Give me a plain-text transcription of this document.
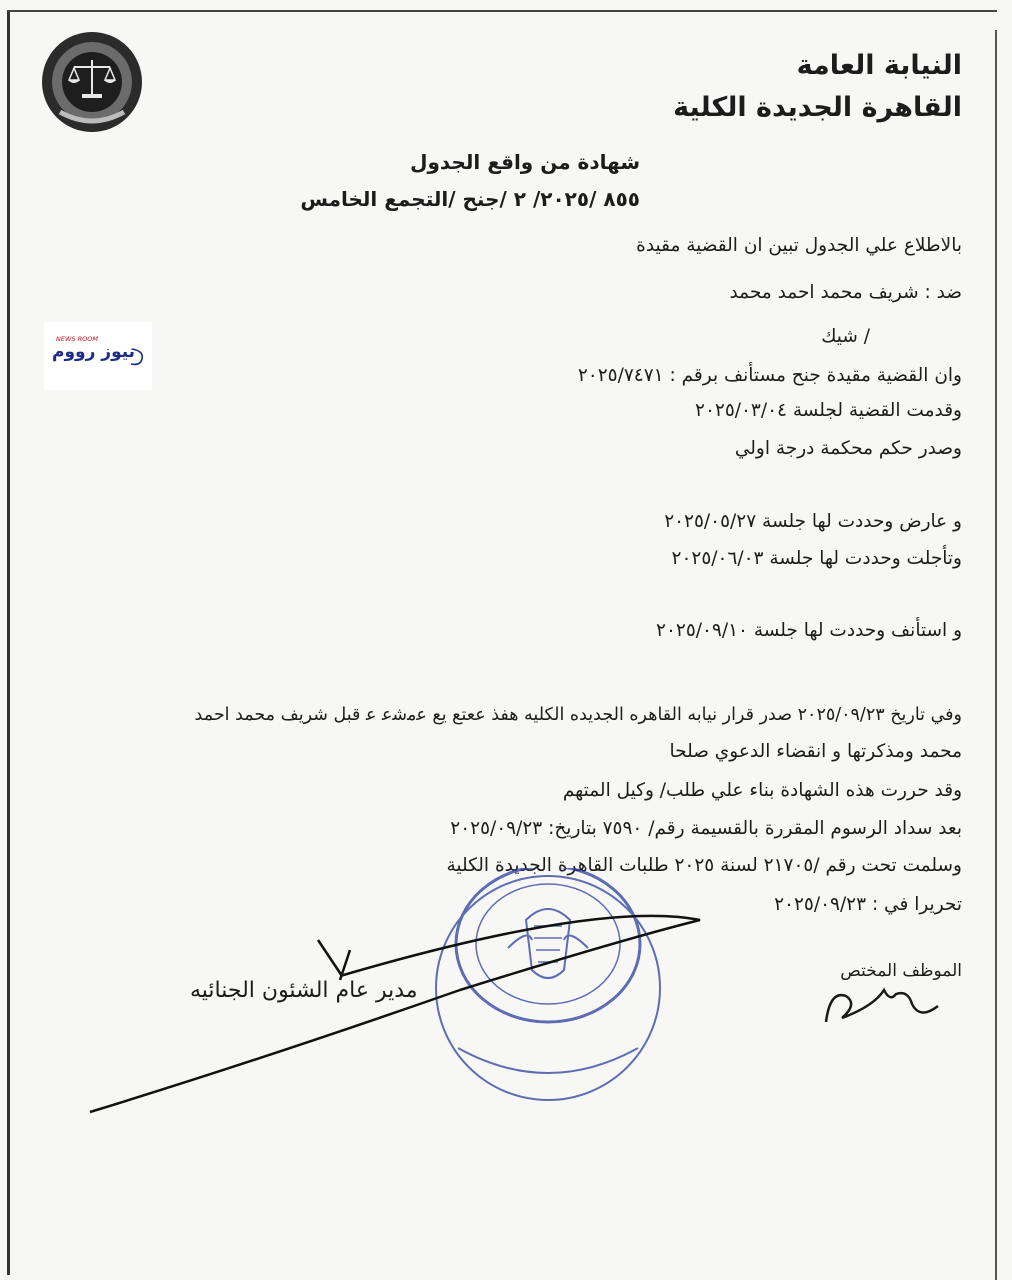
النيابة العامة
القاهرة الجديدة الكلية
شهادة من واقع الجدول
٨٥٥ /٢٠٢٥/ ٢ /جنح /التجمع الخامس
NEWS ROOM
نيوز رووم
بالاطلاع علي الجدول تبين ان القضية مقيدة
ضد : شريف محمد احمد محمد
/ شيك
وان القضية مقيدة جنح مستأنف برقم : ٢٠٢٥/٧٤٧١
وقدمت القضية لجلسة ٢٠٢٥/٠٣/٠٤
وصدر حكم محكمة درجة اولي
و عارض وحددت لها جلسة ٢٠٢٥/٠٥/٢٧
وتأجلت وحددت لها جلسة ٢٠٢٥/٠٦/٠٣
و استأنف وحددت لها جلسة ٢٠٢٥/٠٩/١٠
وفي تاريخ ٢٠٢٥/٠٩/٢٣ صدر قرار نيابه القاهره الجديده الكليه ﻫﻔﺬ ﻋﻌﺘﻊ ﻳﻊ ﻋﻣﺷﻋ ﻋ قبل شريف محمد احمد
محمد ومذكرتها و انقضاء الدعوي صلحا
وقد حررت هذه الشهادة بناء علي طلب/ وكيل المتهم
بعد سداد الرسوم المقررة بالقسيمة رقم/ ٧٥٩٠ بتاريخ: ٢٠٢٥/٠٩/٢٣
وسلمت تحت رقم /٢١٧٠٥ لسنة ٢٠٢٥ طلبات القاهرة الجديدة الكلية
تحريرا في : ٢٠٢٥/٠٩/٢٣
الموظف المختص
مدير عام الشئون الجنائيه
